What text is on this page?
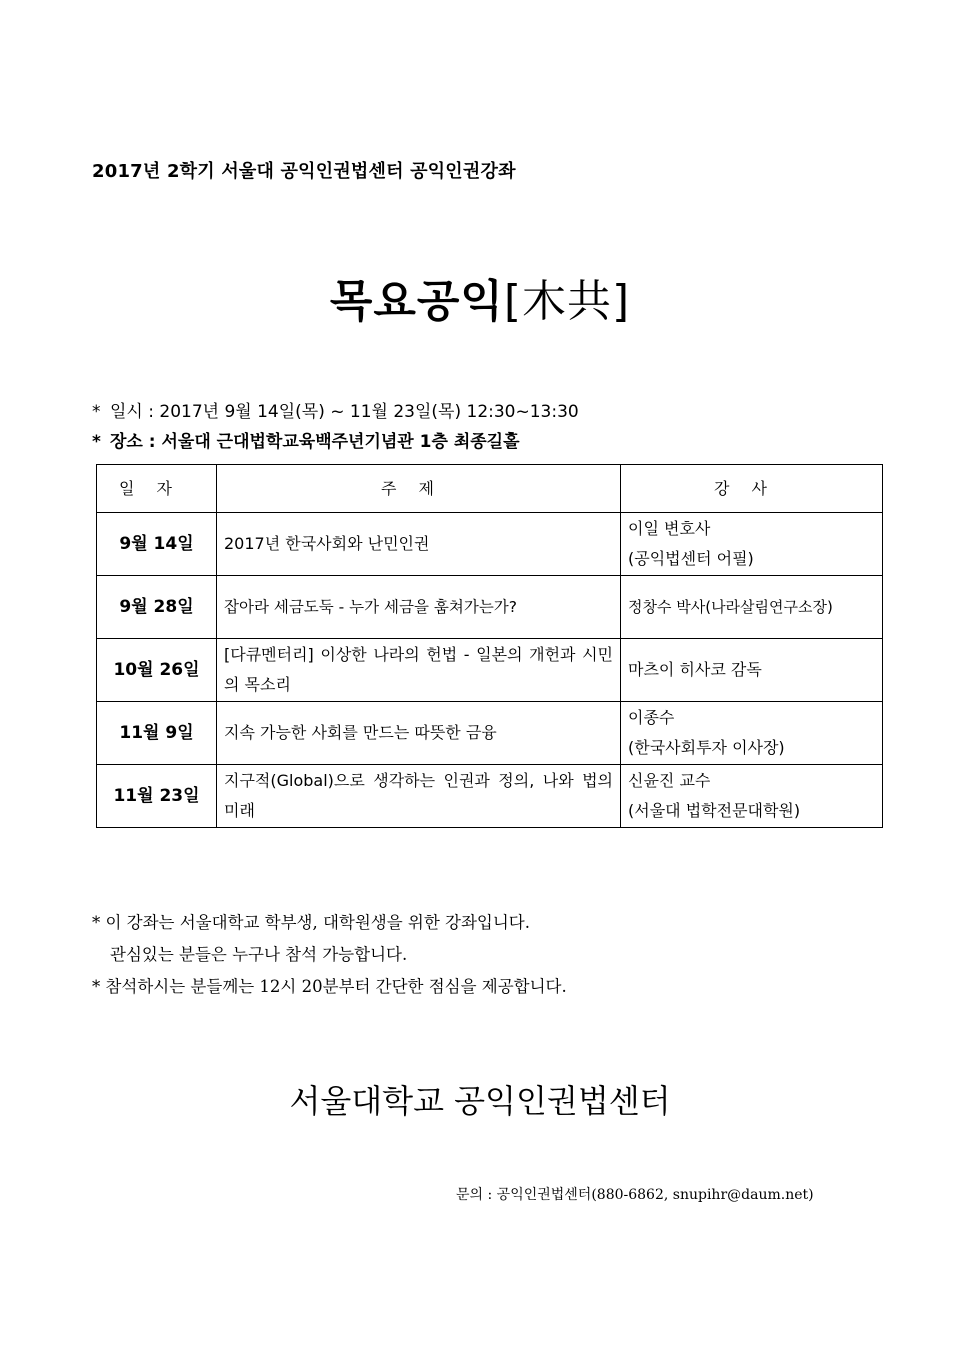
2017년 2학기 서울대 공익인권법센터 공익인권강좌
목요공익[木共]
* 일시 : 2017년 9월 14일(목) ~ 11월 23일(목) 12:30~13:30
* 장소 : 서울대 근대법학교육백주년기념관 1층 최종길홀
일자	주제	강사
9월 14일	2017년 한국사회와 난민인권	이일 변호사
(공익법센터 어필)

9월 28일	잡아라 세금도둑 - 누가 세금을 훔쳐가는가?	정창수 박사(나라살림연구소장)

10월 26일	[다큐멘터리] 이상한 나라의 헌법 - 일본의 개헌과 시민의 목소리	마츠이 히사코 감독

11월 9일	지속 가능한 사회를 만드는 따뜻한 금융	이종수
(한국사회투자 이사장)

11월 23일	지구적(Global)으로 생각하는 인권과 정의, 나와 법의 미래	신윤진 교수
(서울대 법학전문대학원)
* 이 강좌는 서울대학교 학부생, 대학원생을 위한 강좌입니다.
관심있는 분들은 누구나 참석 가능합니다.
* 참석하시는 분들께는 12시 20분부터 간단한 점심을 제공합니다.
서울대학교 공익인권법센터
문의 : 공익인권법센터(880-6862, snupihr@daum.net)
